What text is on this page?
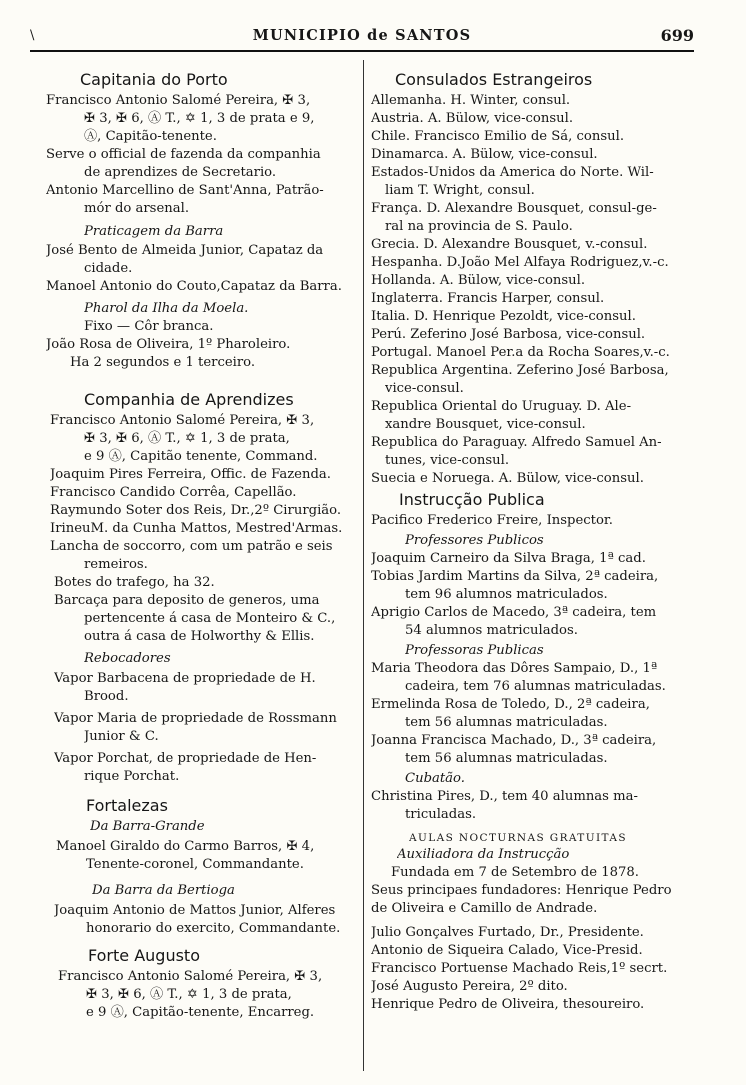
\	MUNICIPIO de SANTOS	699
Capitania do Porto
Francisco Antonio Salomé Pereira, ✠ 3,
✠ 3, ✠ 6, Ⓐ T., ✡ 1, 3 de prata e 9,
Ⓐ, Capitão-tenente.
Serve o official de fazenda da companhia
de aprendizes de Secretario.
Antonio Marcellino de Sant'Anna, Patrão-
mór do arsenal.
Praticagem da Barra
José Bento de Almeida Junior, Capataz da
cidade.
Manoel Antonio do Couto,Capataz da Barra.
Pharol da Ilha da Moela.
Fixo — Côr branca.
João Rosa de Oliveira, 1º Pharoleiro.
Ha 2 segundos e 1 terceiro.
Companhia de Aprendizes
Francisco Antonio Salomé Pereira, ✠ 3,
✠ 3, ✠ 6, Ⓐ T., ✡ 1, 3 de prata,
e 9 Ⓐ, Capitão tenente, Command.
Joaquim Pires Ferreira, Offic. de Fazenda.
Francisco Candido Corrêa, Capellão.
Raymundo Soter dos Reis, Dr.,2º Cirurgião.
IrineuM. da Cunha Mattos, Mestred'Armas.
Lancha de soccorro, com um patrão e seis
remeiros.
Botes do trafego, ha 32.
Barcaça para deposito de generos, uma
pertencente á casa de Monteiro & C.,
outra á casa de Holworthy & Ellis.
Rebocadores
Vapor Barbacena de propriedade de H.
Brood.
Vapor Maria de propriedade de Rossmann
Junior & C.
Vapor Porchat, de propriedade de Hen-
rique Porchat.
Fortalezas
Da Barra-Grande
Manoel Giraldo do Carmo Barros, ✠ 4,
Tenente-coronel, Commandante.
Da Barra da Bertioga
Joaquim Antonio de Mattos Junior, Alferes
honorario do exercito, Commandante.
Forte Augusto
Francisco Antonio Salomé Pereira, ✠ 3,
✠ 3, ✠ 6, Ⓐ T., ✡ 1, 3 de prata,
e 9 Ⓐ, Capitão-tenente, Encarreg.
Consulados Estrangeiros
Allemanha. H. Winter, consul.
Austria. A. Bülow, vice-consul.
Chile. Francisco Emilio de Sá, consul.
Dinamarca. A. Bülow, vice-consul.
Estados-Unidos da America do Norte. Wil-
liam T. Wright, consul.
França. D. Alexandre Bousquet, consul-ge-
ral na provincia de S. Paulo.
Grecia. D. Alexandre Bousquet, v.-consul.
Hespanha. D.João Mel Alfaya Rodriguez,v.-c.
Hollanda. A. Bülow, vice-consul.
Inglaterra. Francis Harper, consul.
Italia. D. Henrique Pezoldt, vice-consul.
Perú. Zeferino José Barbosa, vice-consul.
Portugal. Manoel Per.a da Rocha Soares,v.-c.
Republica Argentina. Zeferino José Barbosa,
vice-consul.
Republica Oriental do Uruguay. D. Ale-
xandre Bousquet, vice-consul.
Republica do Paraguay. Alfredo Samuel An-
tunes, vice-consul.
Suecia e Noruega. A. Bülow, vice-consul.
Instrucção Publica
Pacifico Frederico Freire, Inspector.
Professores Publicos
Joaquim Carneiro da Silva Braga, 1ª cad.
Tobias Jardim Martins da Silva, 2ª cadeira,
tem 96 alumnos matriculados.
Aprigio Carlos de Macedo, 3ª cadeira, tem
54 alumnos matriculados.
Professoras Publicas
Maria Theodora das Dôres Sampaio, D., 1ª
cadeira, tem 76 alumnas matriculadas.
Ermelinda Rosa de Toledo, D., 2ª cadeira,
tem 56 alumnas matriculadas.
Joanna Francisca Machado, D., 3ª cadeira,
tem 56 alumnas matriculadas.
Cubatão.
Christina Pires, D., tem 40 alumnas ma-
triculadas.
AULAS NOCTURNAS GRATUITAS
Auxiliadora da Instrucção
Fundada em 7 de Setembro de 1878.
Seus principaes fundadores: Henrique Pedro
de Oliveira e Camillo de Andrade.
Julio Gonçalves Furtado, Dr., Presidente.
Antonio de Siqueira Calado, Vice-Presid.
Francisco Portuense Machado Reis,1º secrt.
José Augusto Pereira, 2º dito.
Henrique Pedro de Oliveira, thesoureiro.
